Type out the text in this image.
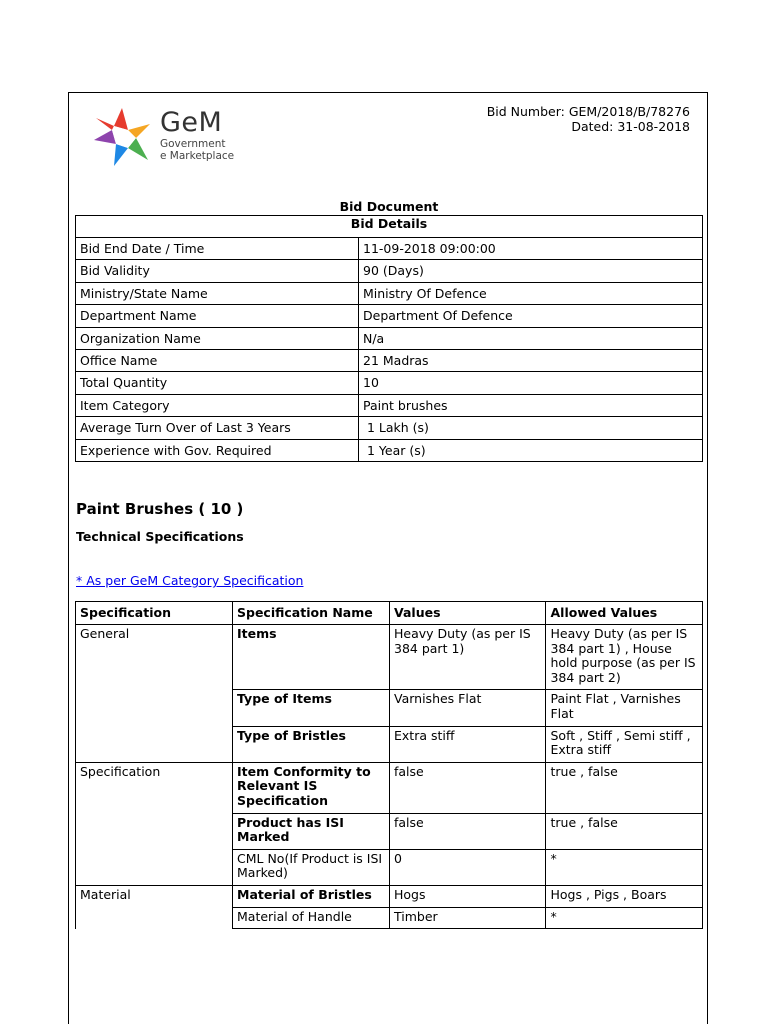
GeM
Government
e Marketplace
Bid Number: GEM/2018/B/78276
Dated: 31-08-2018
Bid Document
Bid Details	
Bid End Date / Time	11-09-2018 09:00:00
Bid Validity	90 (Days)
Ministry/State Name	Ministry Of Defence
Department Name	Department Of Defence
Organization Name	N/a
Office Name	21 Madras
Total Quantity	10
Item Category	Paint brushes
Average Turn Over of Last 3 Years	1 Lakh (s)
Experience with Gov. Required	1 Year (s)
Paint Brushes ( 10 )
Technical Specifications
* As per GeM Category Specification
Specification	Specification Name	Values	Allowed Values
General	Items	Heavy Duty (as per IS 384 part 1)	Heavy Duty (as per IS 384 part 1) , House hold purpose (as per IS 384 part 2)
	Type of Items	Varnishes Flat	Paint Flat , Varnishes Flat
	Type of Bristles	Extra stiff	Soft , Stiff , Semi stiff , Extra stiff
Specification	Item Conformity to Relevant IS Specification	false	true , false
	Product has ISI Marked	false	true , false
	CML No(If Product is ISI Marked)	0	*
Material	Material of Bristles	Hogs	Hogs , Pigs , Boars
	Material of Handle	Timber	*
